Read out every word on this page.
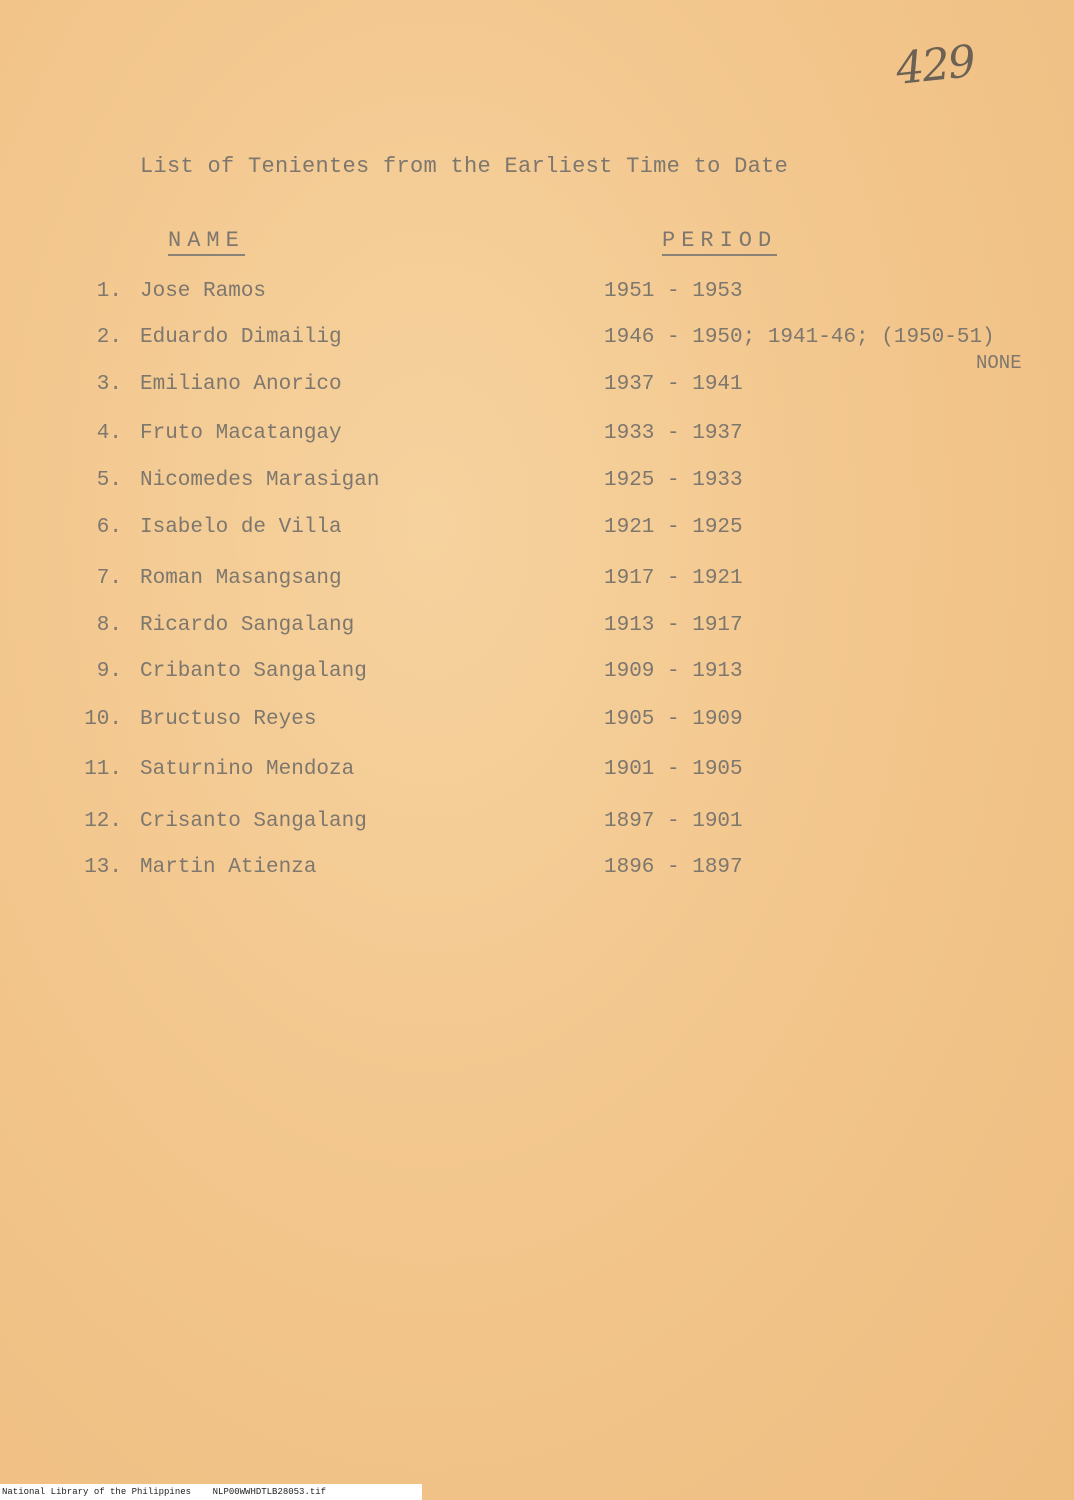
429
List of Tenientes from the Earliest Time to Date
NAME	PERIOD
1. Jose Ramos	1951 - 1953
2. Eduardo Dimailig	1946 - 1950; 1941-46; (1950-51)
3. Emiliano Anorico	1937 - 1941
4. Fruto Macatangay	1933 - 1937
5. Nicomedes Marasigan	1925 - 1933
6. Isabelo de Villa	1921 - 1925
7. Roman Masangsang	1917 - 1921
8. Ricardo Sangalang	1913 - 1917
9. Cribanto Sangalang	1909 - 1913
10. Bructuso Reyes	1905 - 1909
11. Saturnino Mendoza	1901 - 1905
12. Crisanto Sangalang	1897 - 1901
13. Martin Atienza	1896 - 1897
NONE
National Library of the Philippines NLP00WWHDTLB28053.tif
